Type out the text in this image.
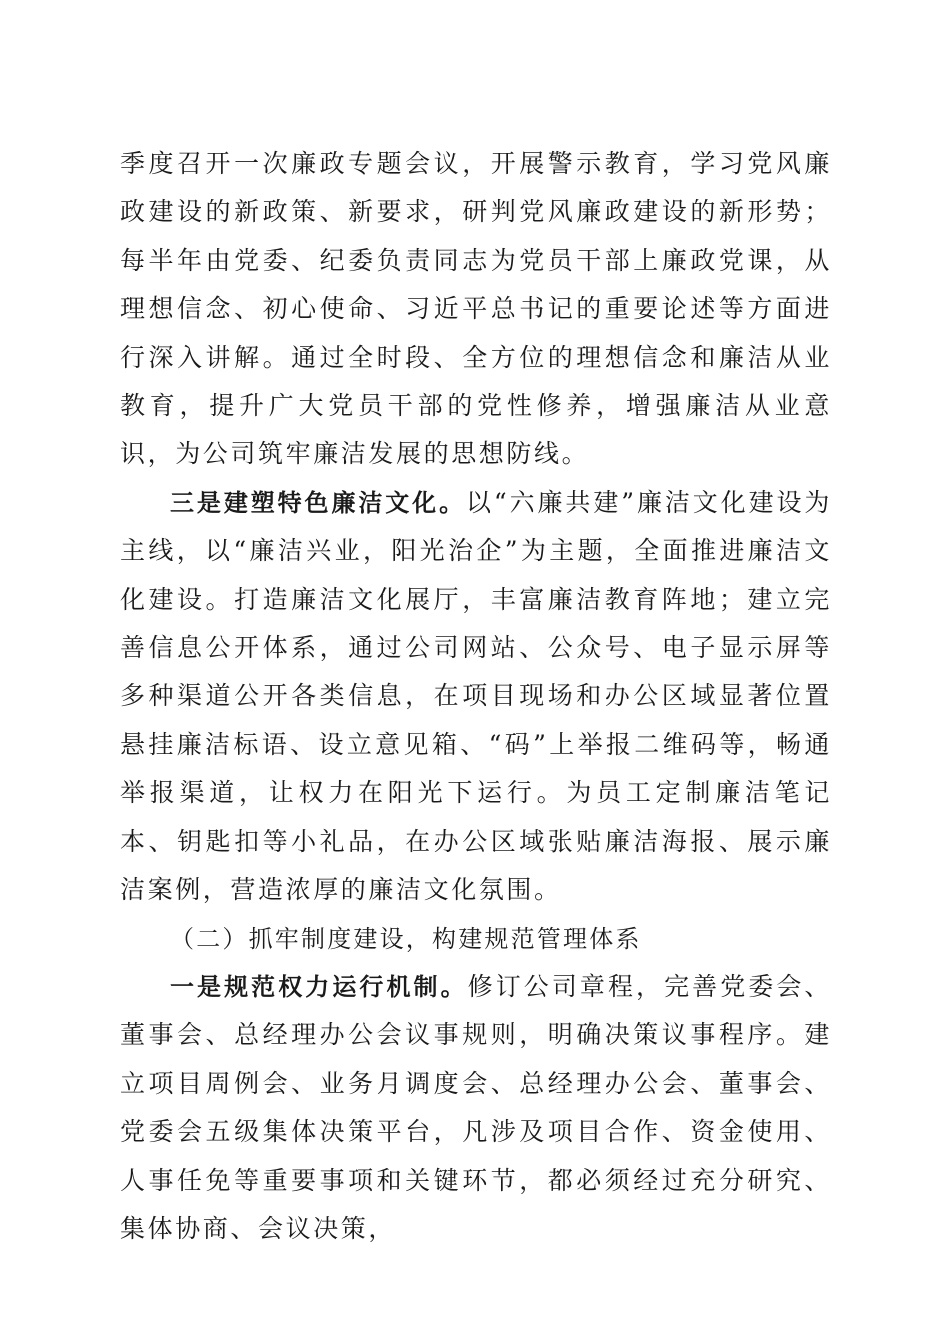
季度召开一次廉政专题会议，开展警示教育，学习党风廉政建设的新政策、新要求，研判党风廉政建设的新形势；每半年由党委、纪委负责同志为党员干部上廉政党课，从理想信念、初心使命、习近平总书记的重要论述等方面进行深入讲解。通过全时段、全方位的理想信念和廉洁从业教育，提升广大党员干部的党性修养，增强廉洁从业意识，为公司筑牢廉洁发展的思想防线。

三是建塑特色廉洁文化。以“六廉共建”廉洁文化建设为主线，以“廉洁兴业，阳光治企”为主题，全面推进廉洁文化建设。打造廉洁文化展厅，丰富廉洁教育阵地；建立完善信息公开体系，通过公司网站、公众号、电子显示屏等多种渠道公开各类信息，在项目现场和办公区域显著位置悬挂廉洁标语、设立意见箱、“码”上举报二维码等，畅通举报渠道，让权力在阳光下运行。为员工定制廉洁笔记本、钥匙扣等小礼品，在办公区域张贴廉洁海报、展示廉洁案例，营造浓厚的廉洁文化氛围。

（二）抓牢制度建设，构建规范管理体系

一是规范权力运行机制。修订公司章程，完善党委会、董事会、总经理办公会议事规则，明确决策议事程序。建立项目周例会、业务月调度会、总经理办公会、董事会、党委会五级集体决策平台，凡涉及项目合作、资金使用、人事任免等重要事项和关键环节，都必须经过充分研究、集体协商、会议决策，
